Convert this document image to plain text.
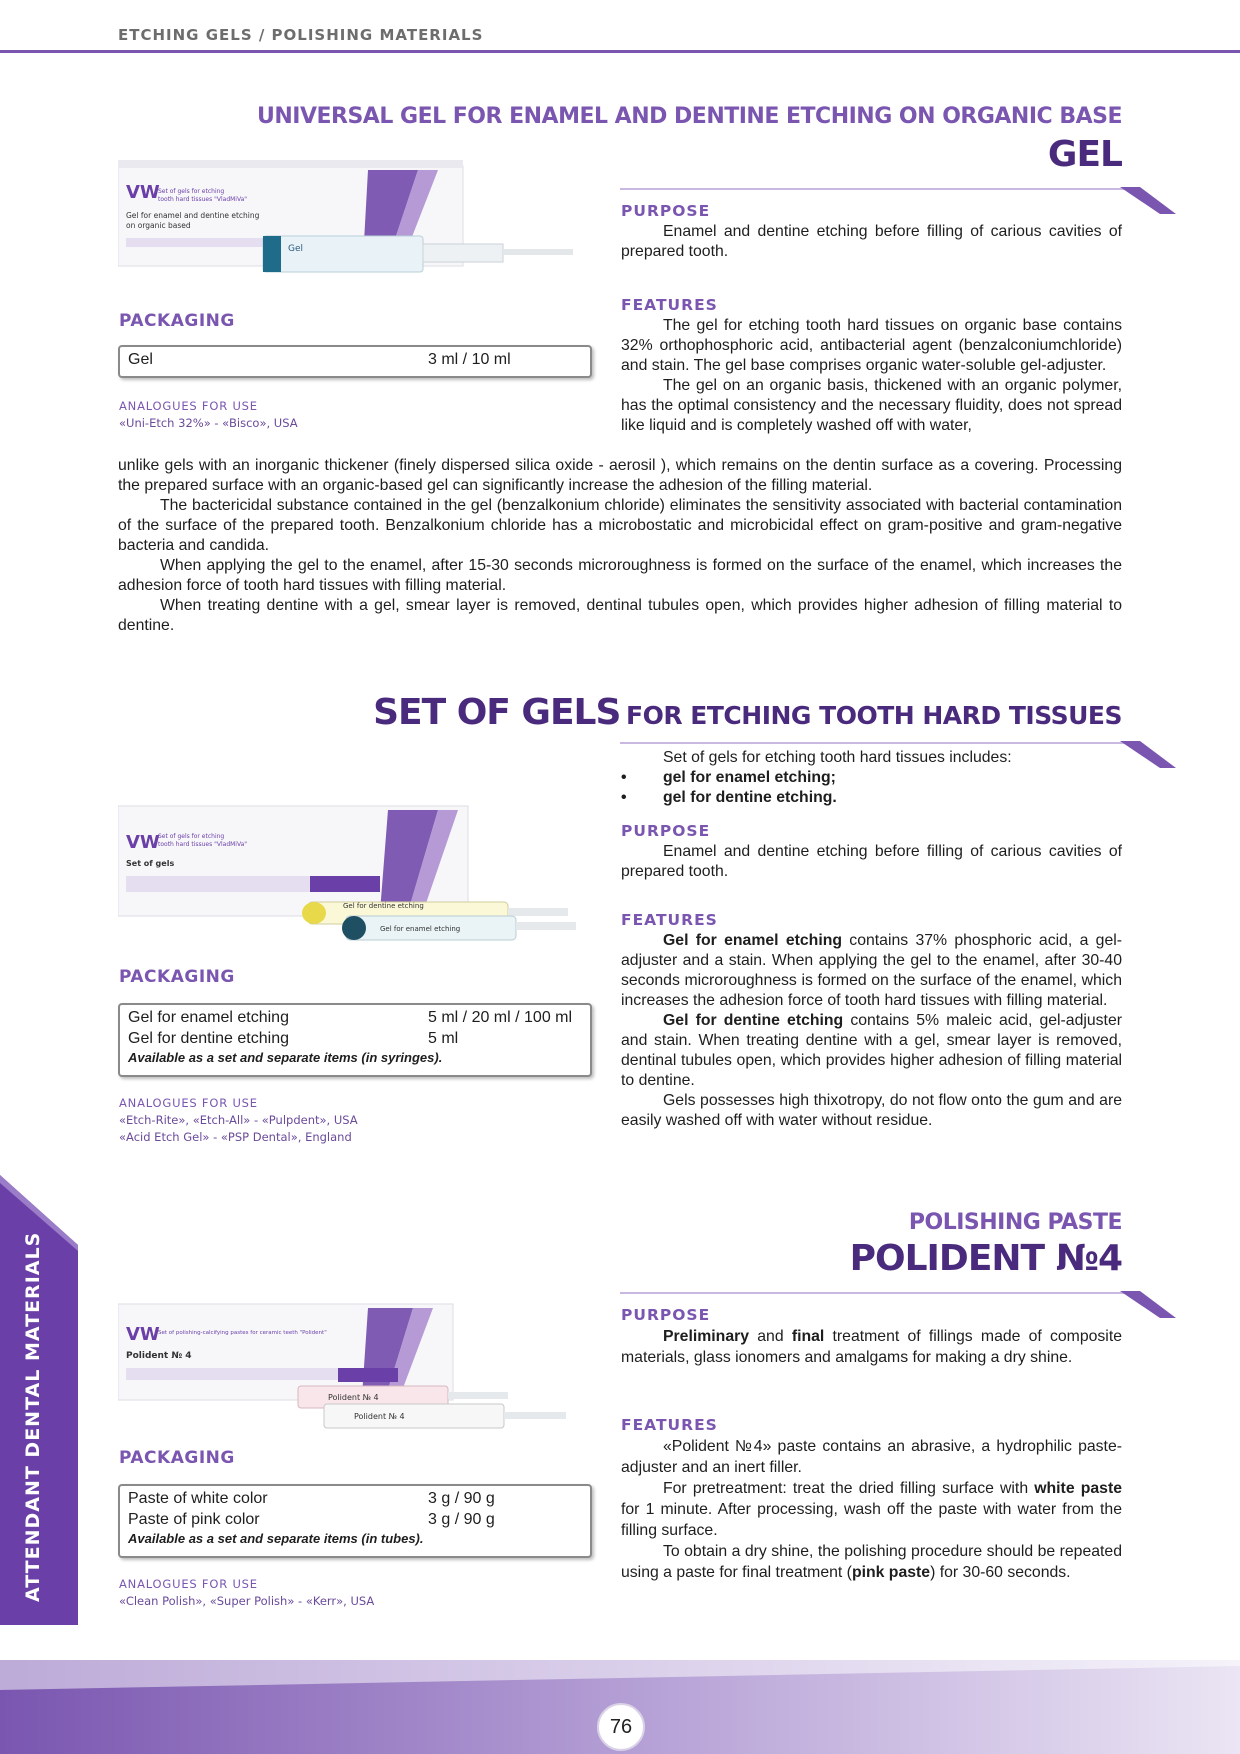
ETCHING GELS / POLISHING MATERIALS
UNIVERSAL GEL FOR ENAMEL AND DENTINE ETCHING ON ORGANIC BASE
GEL
VW
Set of gels for etching
tooth hard tissues "VladMiVa"
Gel for enamel and dentine etching
on organic based
Gel
PURPOSE

Enamel and dentine etching before filling of carious cavities of prepared tooth.

FEATURES

The gel for etching tooth hard tissues on organic base contains 32% orthophosphoric acid, antibacterial agent (benzalconiumchloride) and stain. The gel base comprises organic water-soluble gel-adjuster.

The gel on an organic basis, thickened with an organic polymer, has the optimal consistency and the necessary fluidity, does not spread like liquid and is completely washed off with water,

unlike gels with an inorganic thickener (finely dispersed silica oxide - aerosil ), which remains on the dentin surface as a covering. Processing the prepared surface with an organic-based gel can significantly increase the adhesion of the filling material.

The bactericidal substance contained in the gel (benzalkonium chloride) eliminates the sensitivity associated with bacterial contamination of the surface of the prepared tooth. Benzalkonium chloride has a microbostatic and microbicidal effect on gram-positive and gram-negative bacteria and candida.

When applying the gel to the enamel, after 15-30 seconds microroughness is formed on the surface of the enamel, which increases the adhesion force of tooth hard tissues with filling material.

When treating dentine with a gel, smear layer is removed, dentinal tubules open, which provides higher adhesion of filling material to dentine.

PACKAGING
Gel	3 ml / 10 ml
ANALOGUES FOR USE
«Uni-Etch 32%» - «Bisco», USA
SET OF GELS FOR ETCHING TOOTH HARD TISSUES

Set of gels for etching tooth hard tissues includes:

• gel for enamel etching;
• gel for dentine etching.
VW
Set of gels for etching
tooth hard tissues "VladMiVa"
Set of gels
Gel for dentine etching
Gel for enamel etching
PURPOSE

Enamel and dentine etching before filling of carious cavities of prepared tooth.

FEATURES

Gel for enamel etching contains 37% phosphoric acid, a gel-adjuster and a stain. When applying the gel to the enamel, after 30-40 seconds microroughness is formed on the surface of the enamel, which increases the adhesion force of tooth hard tissues with filling material.

Gel for dentine etching contains 5% maleic acid, gel-adjuster and stain. When treating dentine with a gel, smear layer is removed, dentinal tubules open, which provides higher adhesion of filling material to dentine.

Gels possesses high thixotropy, do not flow onto the gum and are easily washed off with water without residue.

PACKAGING
Gel for enamel etching	5 ml / 20 ml / 100 ml
Gel for dentine etching	5 ml
Available as a set and separate items (in syringes).
ANALOGUES FOR USE
«Etch-Rite», «Etch-All» - «Pulpdent», USA
«Acid Etch Gel» - «PSP Dental», England
POLISHING PASTE
POLIDENT №4
VW
Set of polishing-calcifying pastes for ceramic teeth "Polident"
Polident № 4
Polident № 4
Polident № 4
PURPOSE

Preliminary and final treatment of fillings made of composite materials, glass ionomers and amalgams for making a dry shine.

FEATURES

«Polident №4» paste contains an abrasive, a hydrophilic paste-adjuster and an inert filler.

For pretreatment: treat the dried filling surface with white paste for 1 minute. After processing, wash off the paste with water from the filling surface.

To obtain a dry shine, the polishing procedure should be repeated using a paste for final treatment (pink paste) for 30-60 seconds.

PACKAGING
Paste of white color	3 g / 90 g
Paste of pink color	3 g / 90 g
Available as a set and separate items (in tubes).
ANALOGUES FOR USE
«Clean Polish», «Super Polish» - «Kerr», USA
ATTENDANT DENTAL MATERIALS
76
